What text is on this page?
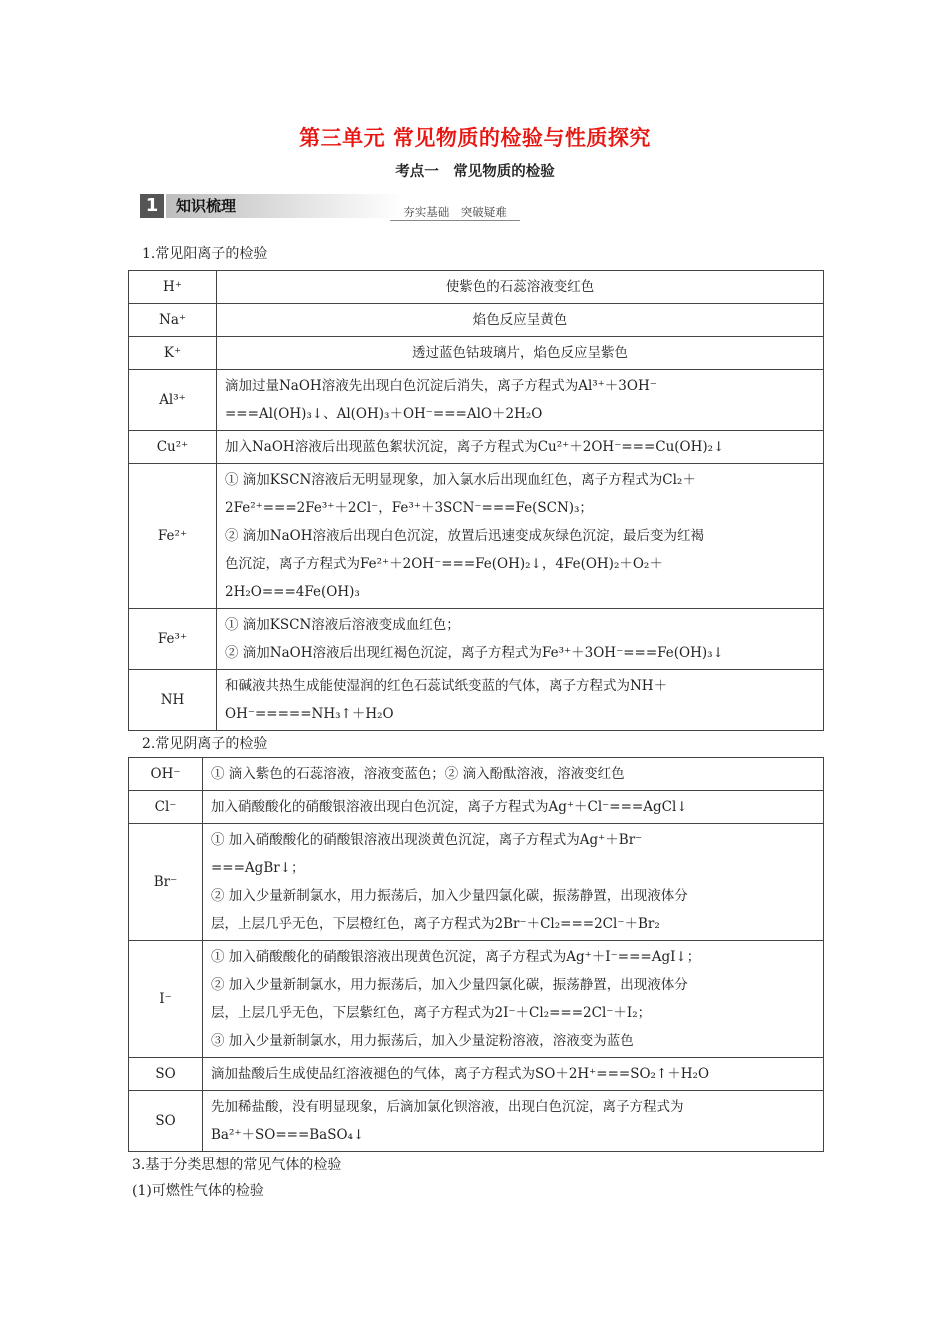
第三单元 常见物质的检验与性质探究
考点一　常见物质的检验
1	知识梳理	夯实基础　突破疑难
1.常见阳离子的检验
H⁺	使紫色的石蕊溶液变红色

Na⁺	焰色反应呈黄色

K⁺	透过蓝色钴玻璃片，焰色反应呈紫色

Al³⁺	滴加过量NaOH溶液先出现白色沉淀后消失，离子方程式为Al³⁺＋3OH⁻
===Al(OH)₃↓、Al(OH)₃＋OH⁻===AlO＋2H₂O

Cu²⁺	加入NaOH溶液后出现蓝色絮状沉淀，离子方程式为Cu²⁺＋2OH⁻===Cu(OH)₂↓

Fe²⁺	① 滴加KSCN溶液后无明显现象，加入氯水后出现血红色，离子方程式为Cl₂＋
2Fe²⁺===2Fe³⁺＋2Cl⁻，Fe³⁺＋3SCN⁻===Fe(SCN)₃；
② 滴加NaOH溶液后出现白色沉淀，放置后迅速变成灰绿色沉淀，最后变为红褐
色沉淀，离子方程式为Fe²⁺＋2OH⁻===Fe(OH)₂↓，4Fe(OH)₂＋O₂＋
2H₂O===4Fe(OH)₃

Fe³⁺	① 滴加KSCN溶液后溶液变成血红色；
② 滴加NaOH溶液后出现红褐色沉淀，离子方程式为Fe³⁺＋3OH⁻===Fe(OH)₃↓

NH	和碱液共热生成能使湿润的红色石蕊试纸变蓝的气体，离子方程式为NH＋
OH⁻=====NH₃↑＋H₂O
2.常见阴离子的检验
OH⁻	① 滴入紫色的石蕊溶液，溶液变蓝色；② 滴入酚酞溶液，溶液变红色

Cl⁻	加入硝酸酸化的硝酸银溶液出现白色沉淀，离子方程式为Ag⁺＋Cl⁻===AgCl↓

Br⁻	① 加入硝酸酸化的硝酸银溶液出现淡黄色沉淀，离子方程式为Ag⁺＋Br⁻
===AgBr↓；
② 加入少量新制氯水，用力振荡后，加入少量四氯化碳，振荡静置，出现液体分
层，上层几乎无色，下层橙红色，离子方程式为2Br⁻＋Cl₂===2Cl⁻＋Br₂

I⁻	① 加入硝酸酸化的硝酸银溶液出现黄色沉淀，离子方程式为Ag⁺＋I⁻===AgI↓；
② 加入少量新制氯水，用力振荡后，加入少量四氯化碳，振荡静置，出现液体分
层，上层几乎无色，下层紫红色，离子方程式为2I⁻＋Cl₂===2Cl⁻＋I₂；
③ 加入少量新制氯水，用力振荡后，加入少量淀粉溶液，溶液变为蓝色

SO	滴加盐酸后生成使品红溶液褪色的气体，离子方程式为SO＋2H⁺===SO₂↑＋H₂O

SO	先加稀盐酸，没有明显现象，后滴加氯化钡溶液，出现白色沉淀，离子方程式为
Ba²⁺＋SO===BaSO₄↓
3.基于分类思想的常见气体的检验
(1)可燃性气体的检验
